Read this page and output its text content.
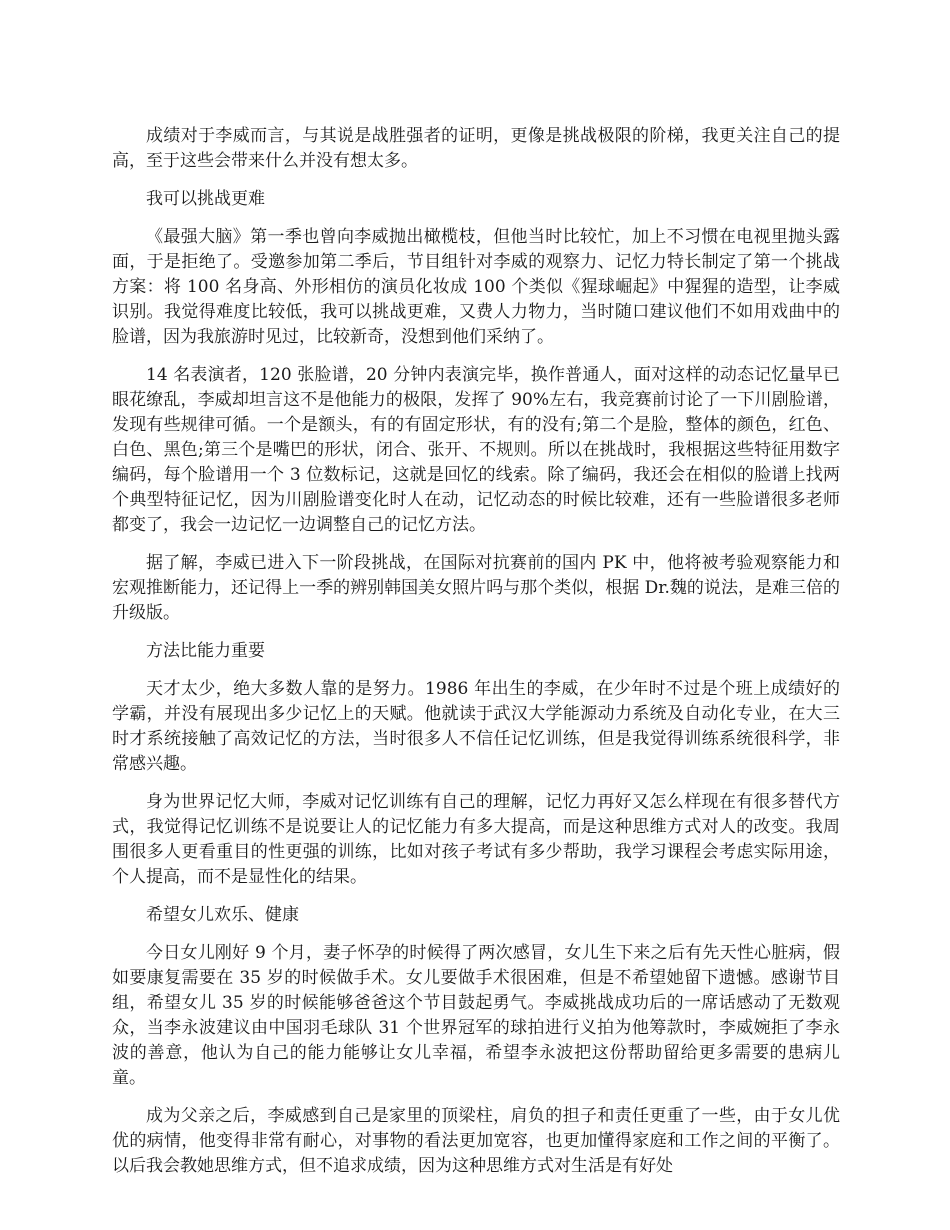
成绩对于李威而言，与其说是战胜强者的证明，更像是挑战极限的阶梯，我更关注自己的提高，至于这些会带来什么并没有想太多。

我可以挑战更难

《最强大脑》第一季也曾向李威抛出橄榄枝，但他当时比较忙，加上不习惯在电视里抛头露面，于是拒绝了。受邀参加第二季后，节目组针对李威的观察力、记忆力特长制定了第一个挑战方案：将 100 名身高、外形相仿的演员化妆成 100 个类似《猩球崛起》中猩猩的造型，让李威识别。我觉得难度比较低，我可以挑战更难，又费人力物力，当时随口建议他们不如用戏曲中的脸谱，因为我旅游时见过，比较新奇，没想到他们采纳了。

14 名表演者，120 张脸谱，20 分钟内表演完毕，换作普通人，面对这样的动态记忆量早已眼花缭乱，李威却坦言这不是他能力的极限，发挥了 90%左右，我竞赛前讨论了一下川剧脸谱，发现有些规律可循。一个是额头，有的有固定形状，有的没有;第二个是脸，整体的颜色，红色、白色、黑色;第三个是嘴巴的形状，闭合、张开、不规则。所以在挑战时，我根据这些特征用数字编码，每个脸谱用一个 3 位数标记，这就是回忆的线索。除了编码，我还会在相似的脸谱上找两个典型特征记忆，因为川剧脸谱变化时人在动，记忆动态的时候比较难，还有一些脸谱很多老师都变了，我会一边记忆一边调整自己的记忆方法。

据了解，李威已进入下一阶段挑战，在国际对抗赛前的国内 PK 中，他将被考验观察能力和宏观推断能力，还记得上一季的辨别韩国美女照片吗与那个类似，根据 Dr.魏的说法，是难三倍的升级版。

方法比能力重要

天才太少，绝大多数人靠的是努力。1986 年出生的李威，在少年时不过是个班上成绩好的学霸，并没有展现出多少记忆上的天赋。他就读于武汉大学能源动力系统及自动化专业，在大三时才系统接触了高效记忆的方法，当时很多人不信任记忆训练，但是我觉得训练系统很科学，非常感兴趣。

身为世界记忆大师，李威对记忆训练有自己的理解，记忆力再好又怎么样现在有很多替代方式，我觉得记忆训练不是说要让人的记忆能力有多大提高，而是这种思维方式对人的改变。我周围很多人更看重目的性更强的训练，比如对孩子考试有多少帮助，我学习课程会考虑实际用途，个人提高，而不是显性化的结果。

希望女儿欢乐、健康

今日女儿刚好 9 个月，妻子怀孕的时候得了两次感冒，女儿生下来之后有先天性心脏病，假如要康复需要在 35 岁的时候做手术。女儿要做手术很困难，但是不希望她留下遗憾。感谢节目组，希望女儿 35 岁的时候能够爸爸这个节目鼓起勇气。李威挑战成功后的一席话感动了无数观众，当李永波建议由中国羽毛球队 31 个世界冠军的球拍进行义拍为他筹款时，李威婉拒了李永波的善意，他认为自己的能力能够让女儿幸福，希望李永波把这份帮助留给更多需要的患病儿童。

成为父亲之后，李威感到自己是家里的顶梁柱，肩负的担子和责任更重了一些，由于女儿优优的病情，他变得非常有耐心，对事物的看法更加宽容，也更加懂得家庭和工作之间的平衡了。以后我会教她思维方式，但不追求成绩，因为这种思维方式对生活是有好处
